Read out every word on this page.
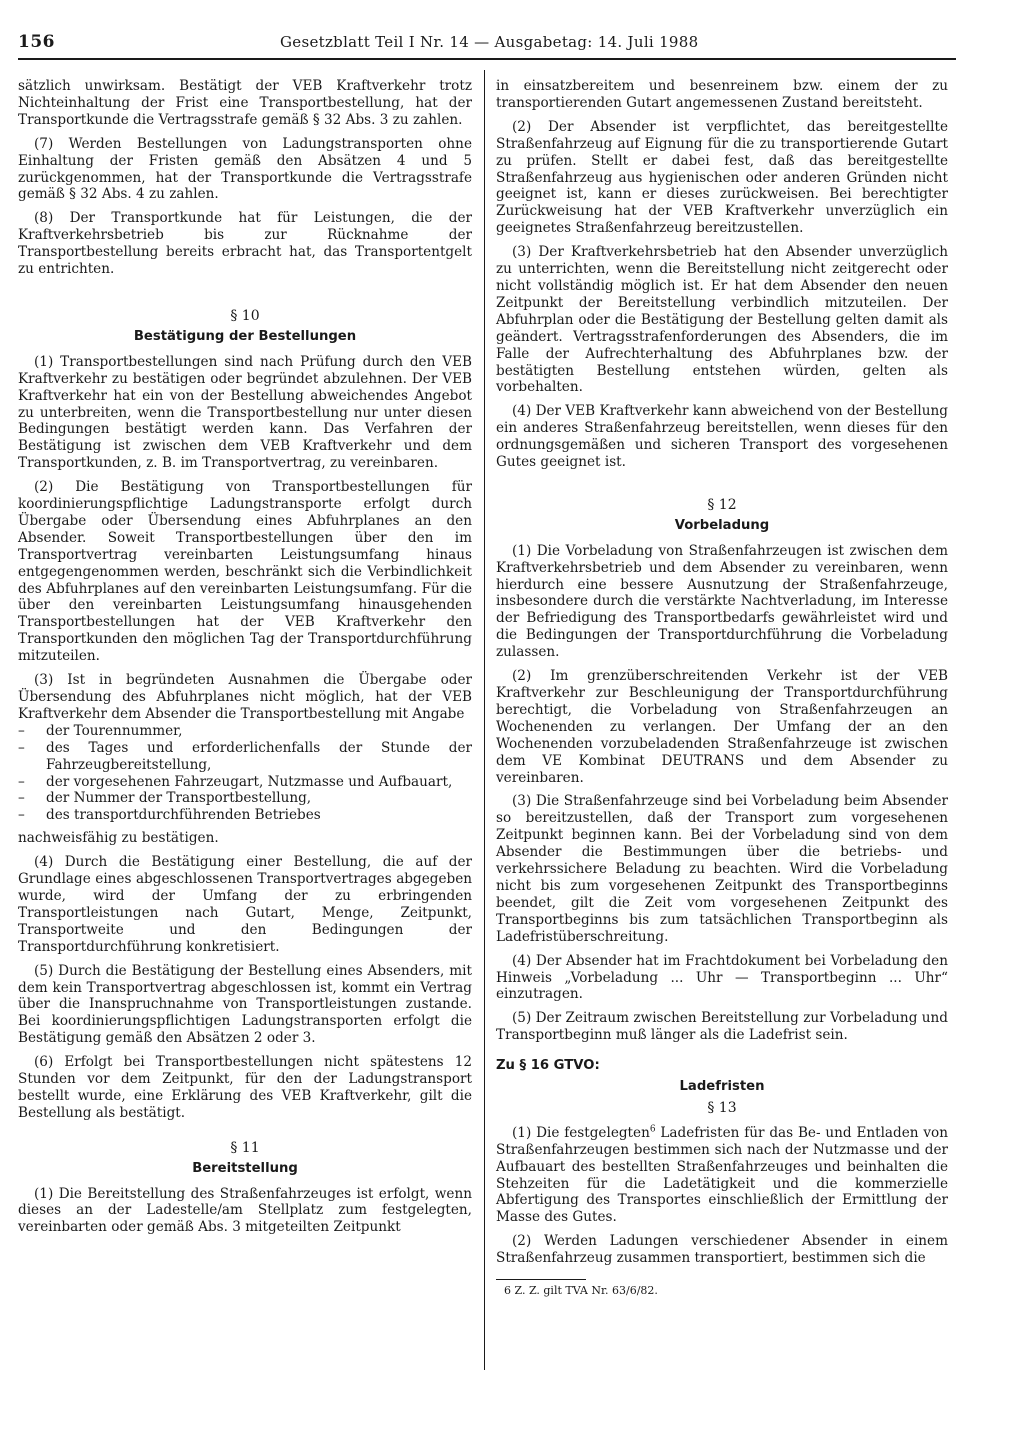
156	Gesetzblatt Teil I Nr. 14 — Ausgabetag: 14. Juli 1988

sätzlich unwirksam. Bestätigt der VEB Kraftverkehr trotz Nichteinhaltung der Frist eine Transportbestellung, hat der Transportkunde die Vertragsstrafe gemäß § 32 Abs. 3 zu zahlen.

(7) Werden Bestellungen von Ladungstransporten ohne Einhaltung der Fristen gemäß den Absätzen 4 und 5 zurückgenommen, hat der Transportkunde die Vertragsstrafe gemäß § 32 Abs. 4 zu zahlen.

(8) Der Transportkunde hat für Leistungen, die der Kraftverkehrsbetrieb bis zur Rücknahme der Transportbestellung bereits erbracht hat, das Transportentgelt zu entrichten.

§ 10
Bestätigung der Bestellungen

(1) Transportbestellungen sind nach Prüfung durch den VEB Kraftverkehr zu bestätigen oder begründet abzulehnen. Der VEB Kraftverkehr hat ein von der Bestellung abweichendes Angebot zu unterbreiten, wenn die Transportbestellung nur unter diesen Bedingungen bestätigt werden kann. Das Verfahren der Bestätigung ist zwischen dem VEB Kraftverkehr und dem Transportkunden, z. B. im Transportvertrag, zu vereinbaren.

(2) Die Bestätigung von Transportbestellungen für koordinierungspflichtige Ladungstransporte erfolgt durch Übergabe oder Übersendung eines Abfuhrplanes an den Absender. Soweit Transportbestellungen über den im Transportvertrag vereinbarten Leistungsumfang hinaus entgegengenommen werden, beschränkt sich die Verbindlichkeit des Abfuhrplanes auf den vereinbarten Leistungsumfang. Für die über den vereinbarten Leistungsumfang hinausgehenden Transportbestellungen hat der VEB Kraftverkehr den Transportkunden den möglichen Tag der Transportdurchführung mitzuteilen.

(3) Ist in begründeten Ausnahmen die Übergabe oder Übersendung des Abfuhrplanes nicht möglich, hat der VEB Kraftverkehr dem Absender die Transportbestellung mit Angabe

– der Tourennummer,
– des Tages und erforderlichenfalls der Stunde der Fahrzeugbereitstellung,
– der vorgesehenen Fahrzeugart, Nutzmasse und Aufbauart,
– der Nummer der Transportbestellung,
– des transportdurchführenden Betriebes

nachweisfähig zu bestätigen.

(4) Durch die Bestätigung einer Bestellung, die auf der Grundlage eines abgeschlossenen Transportvertrages abgegeben wurde, wird der Umfang der zu erbringenden Transportleistungen nach Gutart, Menge, Zeitpunkt, Transportweite und den Bedingungen der Transportdurchführung konkretisiert.

(5) Durch die Bestätigung der Bestellung eines Absenders, mit dem kein Transportvertrag abgeschlossen ist, kommt ein Vertrag über die Inanspruchnahme von Transportleistungen zustande. Bei koordinierungspflichtigen Ladungstransporten erfolgt die Bestätigung gemäß den Absätzen 2 oder 3.

(6) Erfolgt bei Transportbestellungen nicht spätestens 12 Stunden vor dem Zeitpunkt, für den der Ladungstransport bestellt wurde, eine Erklärung des VEB Kraftverkehr, gilt die Bestellung als bestätigt.

§ 11
Bereitstellung

(1) Die Bereitstellung des Straßenfahrzeuges ist erfolgt, wenn dieses an der Ladestelle/am Stellplatz zum festgelegten, vereinbarten oder gemäß Abs. 3 mitgeteilten Zeitpunkt

in einsatzbereitem und besenreinem bzw. einem der zu transportierenden Gutart angemessenen Zustand bereitsteht.

(2) Der Absender ist verpflichtet, das bereitgestellte Straßenfahrzeug auf Eignung für die zu transportierende Gutart zu prüfen. Stellt er dabei fest, daß das bereitgestellte Straßenfahrzeug aus hygienischen oder anderen Gründen nicht geeignet ist, kann er dieses zurückweisen. Bei berechtigter Zurückweisung hat der VEB Kraftverkehr unverzüglich ein geeignetes Straßenfahrzeug bereitzustellen.

(3) Der Kraftverkehrsbetrieb hat den Absender unverzüglich zu unterrichten, wenn die Bereitstellung nicht zeitgerecht oder nicht vollständig möglich ist. Er hat dem Absender den neuen Zeitpunkt der Bereitstellung verbindlich mitzuteilen. Der Abfuhrplan oder die Bestätigung der Bestellung gelten damit als geändert. Vertragsstrafenforderungen des Absenders, die im Falle der Aufrechterhaltung des Abfuhrplanes bzw. der bestätigten Bestellung entstehen würden, gelten als vorbehalten.

(4) Der VEB Kraftverkehr kann abweichend von der Bestellung ein anderes Straßenfahrzeug bereitstellen, wenn dieses für den ordnungsgemäßen und sicheren Transport des vorgesehenen Gutes geeignet ist.

§ 12
Vorbeladung

(1) Die Vorbeladung von Straßenfahrzeugen ist zwischen dem Kraftverkehrsbetrieb und dem Absender zu vereinbaren, wenn hierdurch eine bessere Ausnutzung der Straßenfahrzeuge, insbesondere durch die verstärkte Nachtverladung, im Interesse der Befriedigung des Transportbedarfs gewährleistet wird und die Bedingungen der Transportdurchführung die Vorbeladung zulassen.

(2) Im grenzüberschreitenden Verkehr ist der VEB Kraftverkehr zur Beschleunigung der Transportdurchführung berechtigt, die Vorbeladung von Straßenfahrzeugen an Wochenenden zu verlangen. Der Umfang der an den Wochenenden vorzubeladenden Straßenfahrzeuge ist zwischen dem VE Kombinat DEUTRANS und dem Absender zu vereinbaren.

(3) Die Straßenfahrzeuge sind bei Vorbeladung beim Absender so bereitzustellen, daß der Transport zum vorgesehenen Zeitpunkt beginnen kann. Bei der Vorbeladung sind von dem Absender die Bestimmungen über die betriebs- und verkehrssichere Beladung zu beachten. Wird die Vorbeladung nicht bis zum vorgesehenen Zeitpunkt des Transportbeginns beendet, gilt die Zeit vom vorgesehenen Zeitpunkt des Transportbeginns bis zum tatsächlichen Transportbeginn als Ladefristüberschreitung.

(4) Der Absender hat im Frachtdokument bei Vorbeladung den Hinweis „Vorbeladung ... Uhr — Transportbeginn ... Uhr“ einzutragen.

(5) Der Zeitraum zwischen Bereitstellung zur Vorbeladung und Transportbeginn muß länger als die Ladefrist sein.

Zu § 16 GTVO:
Ladefristen
§ 13

(1) Die festgelegten$^6$ Ladefristen für das Be- und Entladen von Straßenfahrzeugen bestimmen sich nach der Nutzmasse und der Aufbauart des bestellten Straßenfahrzeuges und beinhalten die Stehzeiten für die Ladetätigkeit und die kommerzielle Abfertigung des Transportes einschließlich der Ermittlung der Masse des Gutes.

(2) Werden Ladungen verschiedener Absender in einem Straßenfahrzeug zusammen transportiert, bestimmen sich die

6 Z. Z. gilt TVA Nr. 63/6/82.
